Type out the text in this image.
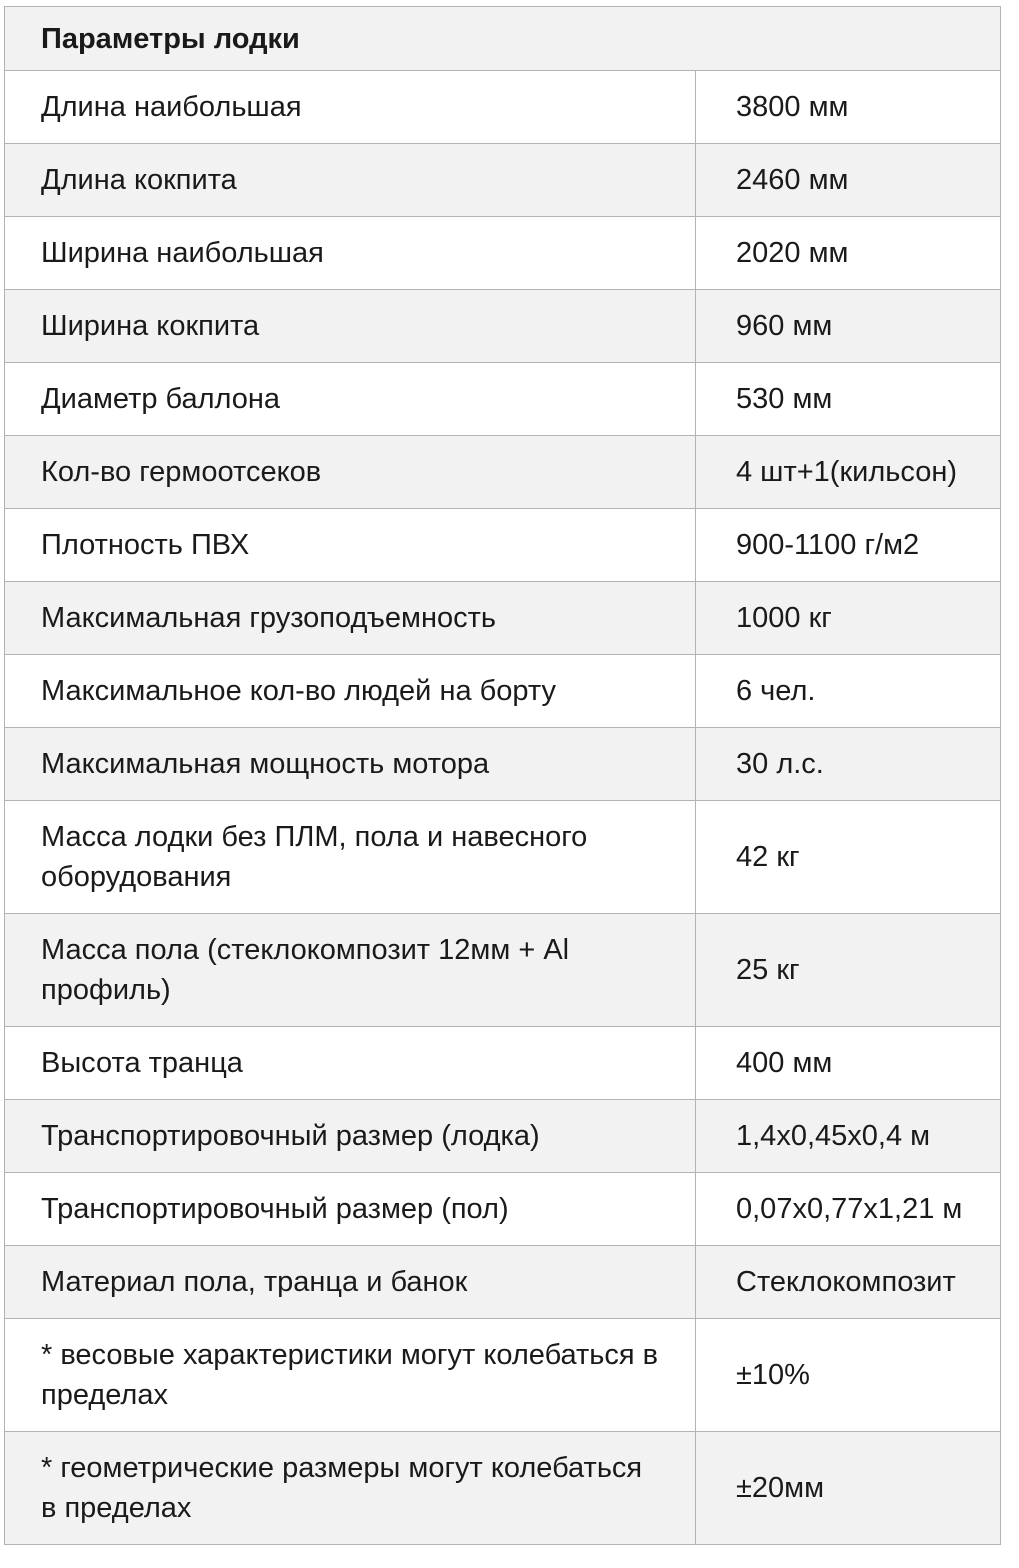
Параметры лодки	
Длина наибольшая	3800 мм
Длина кокпита	2460 мм
Ширина наибольшая	2020 мм
Ширина кокпита	960 мм
Диаметр баллона	530 мм
Кол-во гермоотсеков	4 шт+1(кильсон)
Плотность ПВХ	900-1100 г/м2
Максимальная грузоподъемность	1000 кг
Максимальное кол-во людей на борту	6 чел.
Максимальная мощность мотора	30 л.с.
Масса лодки без ПЛМ, пола и навесного оборудования	42 кг
Масса пола (стеклокомпозит 12мм + Al профиль)	25 кг
Высота транца	400 мм
Транспортировочный размер (лодка)	1,4х0,45х0,4 м
Транспортировочный размер (пол)	0,07х0,77х1,21 м
Материал пола, транца и банок	Стеклокомпозит
* весовые характеристики могут колебаться в пределах	±10%
* геометрические размеры могут колебаться в пределах	±20мм
